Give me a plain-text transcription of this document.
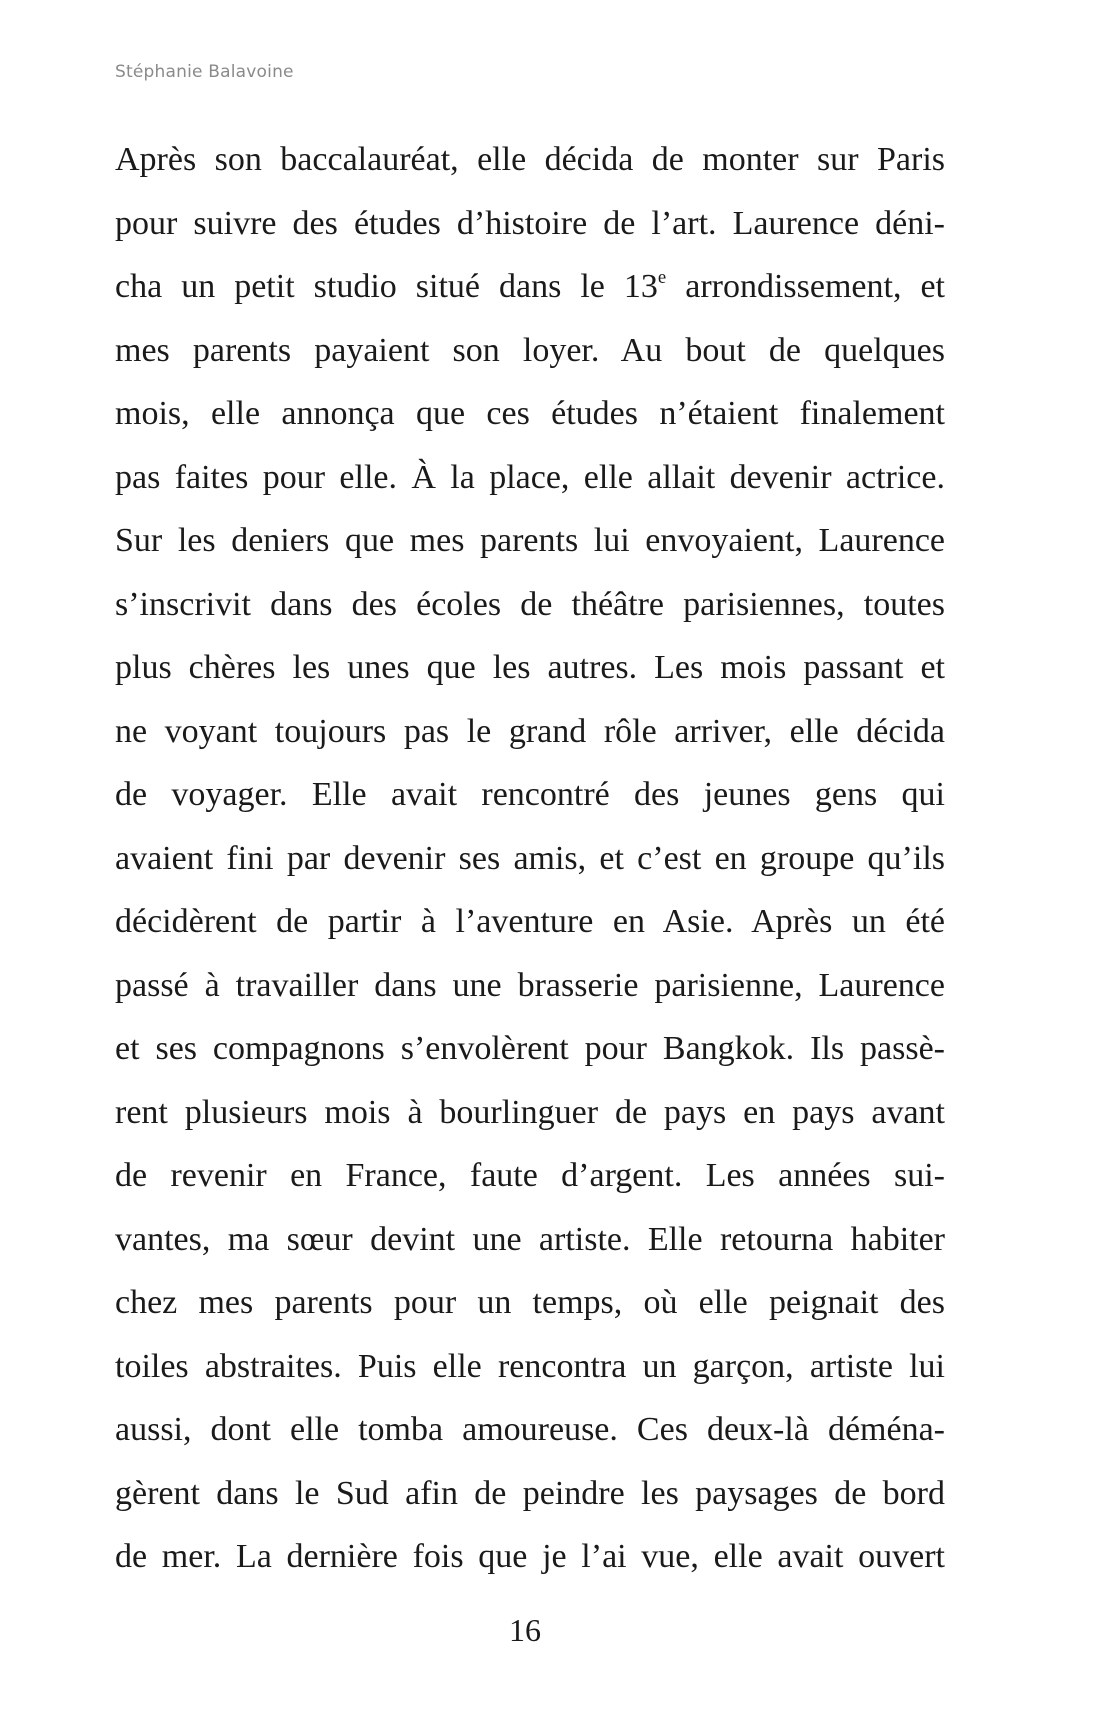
Stéphanie Balavoine
Après son baccalauréat, elle décida de monter sur Paris
pour suivre des études d’histoire de l’art. Laurence déni-
cha un petit studio situé dans le 13e arrondissement, et
mes parents payaient son loyer. Au bout de quelques
mois, elle annonça que ces études n’étaient finalement
pas faites pour elle. À la place, elle allait devenir actrice.
Sur les deniers que mes parents lui envoyaient, Laurence
s’inscrivit dans des écoles de théâtre parisiennes, toutes
plus chères les unes que les autres. Les mois passant et
ne voyant toujours pas le grand rôle arriver, elle décida
de voyager. Elle avait rencontré des jeunes gens qui
avaient fini par devenir ses amis, et c’est en groupe qu’ils
décidèrent de partir à l’aventure en Asie. Après un été
passé à travailler dans une brasserie parisienne, Laurence
et ses compagnons s’envolèrent pour Bangkok. Ils passè-
rent plusieurs mois à bourlinguer de pays en pays avant
de revenir en France, faute d’argent. Les années sui-
vantes, ma sœur devint une artiste. Elle retourna habiter
chez mes parents pour un temps, où elle peignait des
toiles abstraites. Puis elle rencontra un garçon, artiste lui
aussi, dont elle tomba amoureuse. Ces deux-là déména-
gèrent dans le Sud afin de peindre les paysages de bord
de mer. La dernière fois que je l’ai vue, elle avait ouvert
16
